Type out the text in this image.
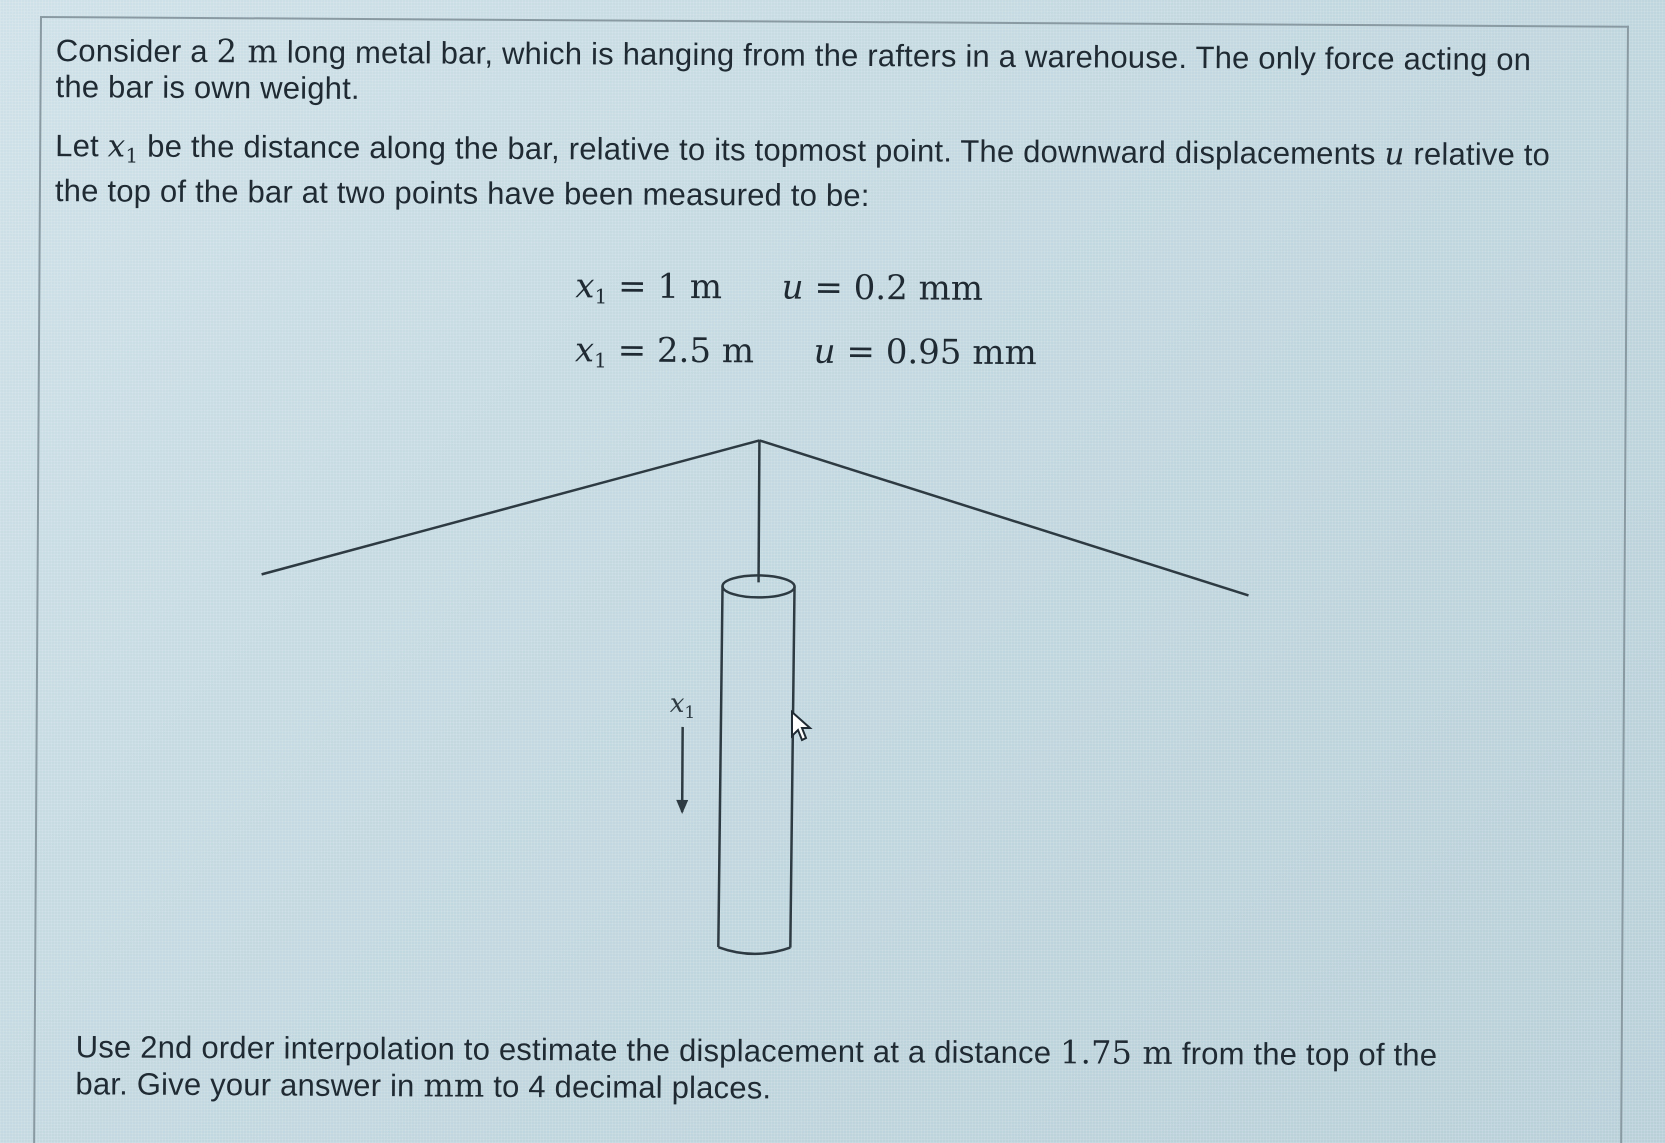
Consider a 2 m long metal bar, which is hanging from the rafters in a warehouse. The only force acting on the bar is own weight.
Let $x_1$ be the distance along the bar, relative to its topmost point. The downward displacements u relative to the top of the bar at two points have been measured to be:
$x_1 = 1$ m u = 0.2 mm
$x_1 = 2.5$ m u = 0.95 mm
$x_1$
Use 2nd order interpolation to estimate the displacement at a distance 1.75 m from the top of the bar. Give your answer in mm to 4 decimal places.
